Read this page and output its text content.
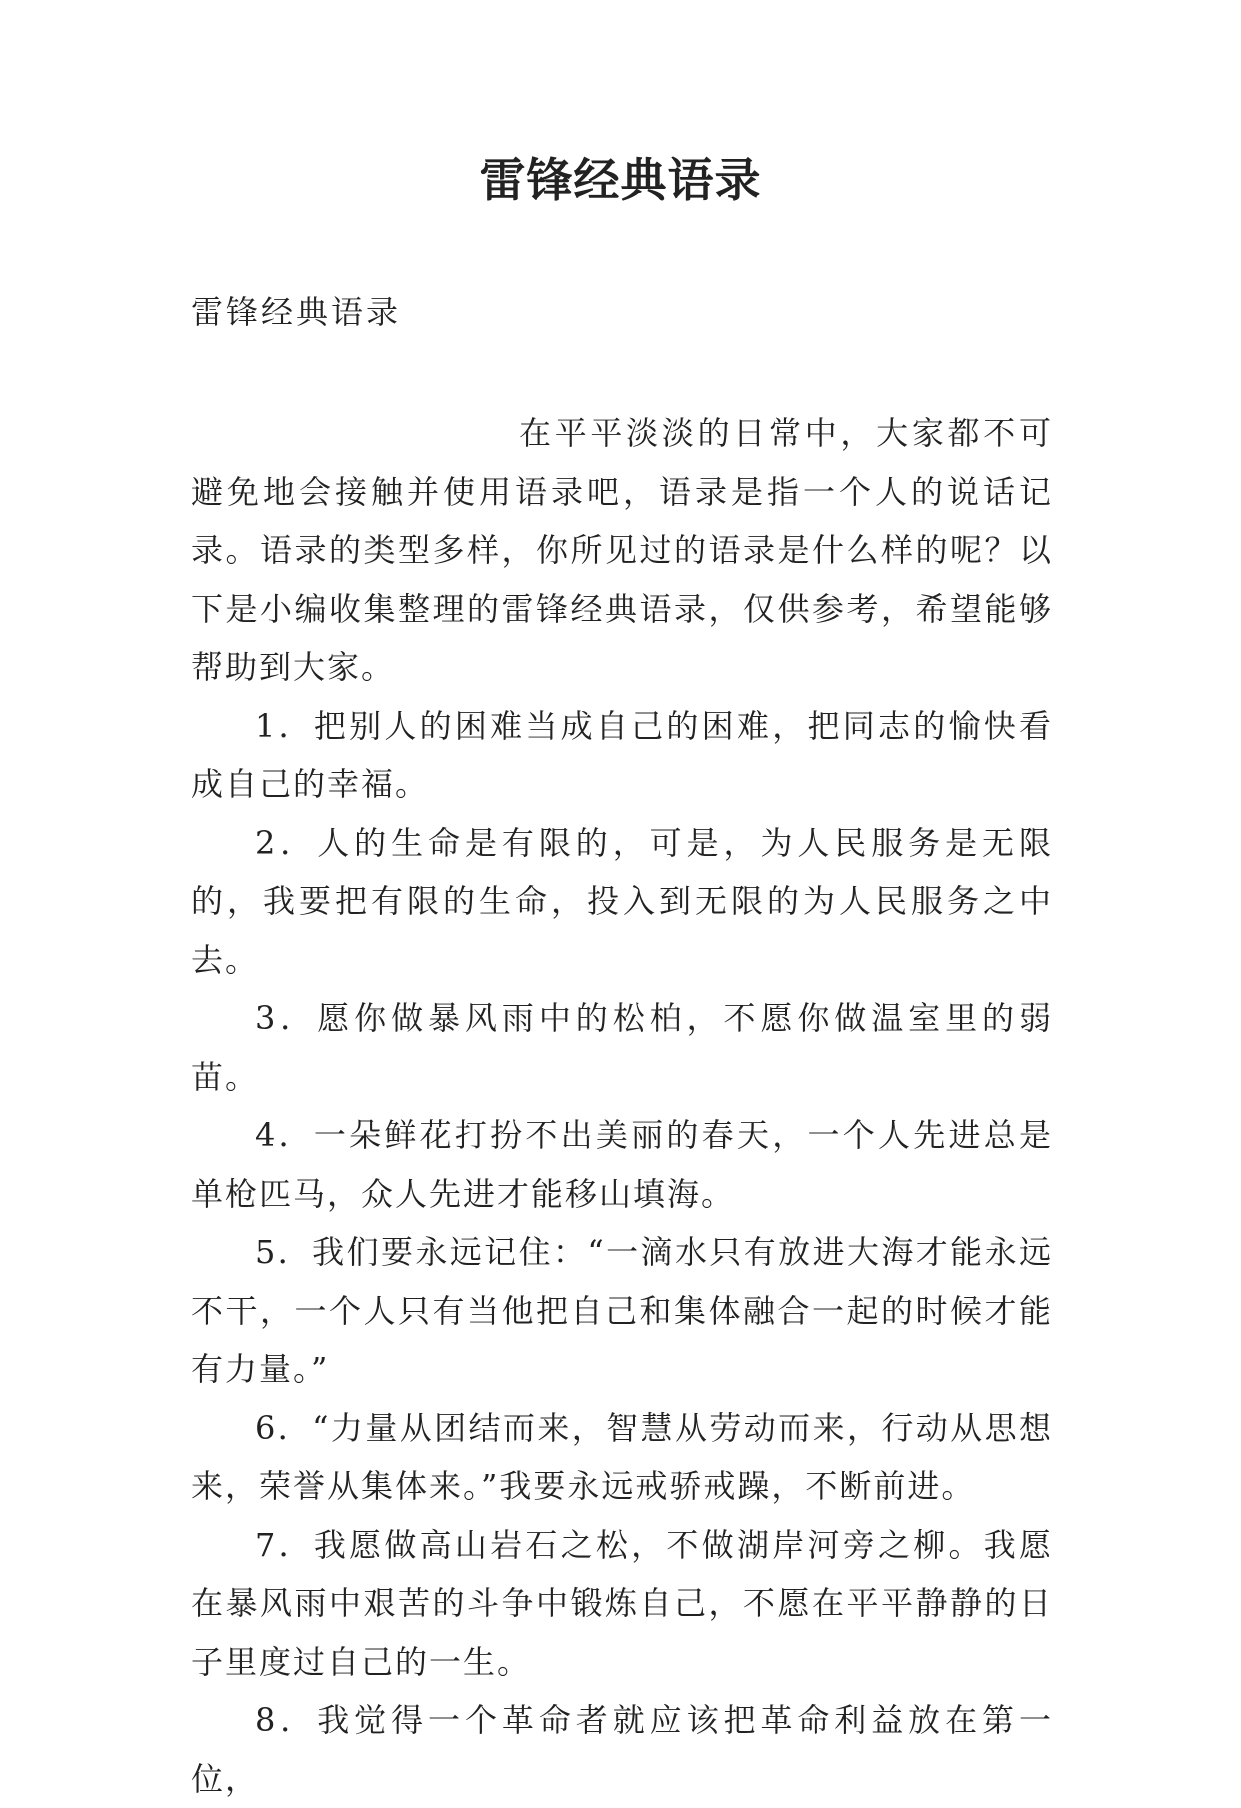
雷锋经典语录

雷锋经典语录

在平平淡淡的日常中，大家都不可避免地会接触并使用语录吧，语录是指一个人的说话记录。语录的类型多样，你所见过的语录是什么样的呢？以下是小编收集整理的雷锋经典语录，仅供参考，希望能够帮助到大家。

1．把别人的困难当成自己的困难，把同志的愉快看成自己的幸福。

2．人的生命是有限的，可是，为人民服务是无限的，我要把有限的生命，投入到无限的为人民服务之中去。

3．愿你做暴风雨中的松柏，不愿你做温室里的弱苗。

4．一朵鲜花打扮不出美丽的春天，一个人先进总是单枪匹马，众人先进才能移山填海。

5．我们要永远记住：“一滴水只有放进大海才能永远不干，一个人只有当他把自己和集体融合一起的时候才能有力量。”

6．“力量从团结而来，智慧从劳动而来，行动从思想来，荣誉从集体来。”我要永远戒骄戒躁，不断前进。

7．我愿做高山岩石之松，不做湖岸河旁之柳。我愿在暴风雨中艰苦的斗争中锻炼自己，不愿在平平静静的日子里度过自己的一生。

8．我觉得一个革命者就应该把革命利益放在第一位，
